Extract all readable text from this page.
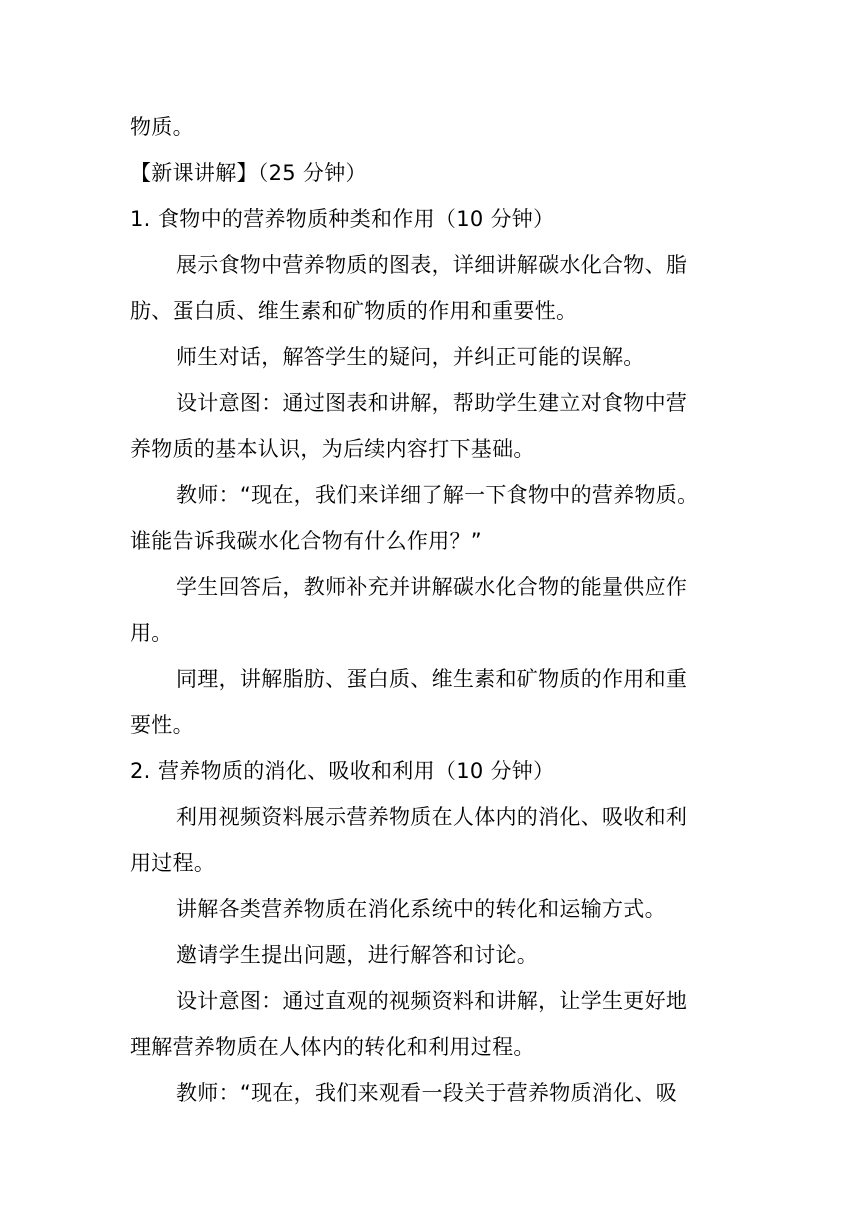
物质。
【新课讲解】（25 分钟）
1. 食物中的营养物质种类和作用（10 分钟）
展示食物中营养物质的图表，详细讲解碳水化合物、脂
肪、蛋白质、维生素和矿物质的作用和重要性。
师生对话，解答学生的疑问，并纠正可能的误解。
设计意图：通过图表和讲解，帮助学生建立对食物中营
养物质的基本认识，为后续内容打下基础。
教师：“现在，我们来详细了解一下食物中的营养物质。
谁能告诉我碳水化合物有什么作用？”
学生回答后，教师补充并讲解碳水化合物的能量供应作
用。
同理，讲解脂肪、蛋白质、维生素和矿物质的作用和重
要性。
2. 营养物质的消化、吸收和利用（10 分钟）
利用视频资料展示营养物质在人体内的消化、吸收和利
用过程。
讲解各类营养物质在消化系统中的转化和运输方式。
邀请学生提出问题，进行解答和讨论。
设计意图：通过直观的视频资料和讲解，让学生更好地
理解营养物质在人体内的转化和利用过程。
教师：“现在，我们来观看一段关于营养物质消化、吸
